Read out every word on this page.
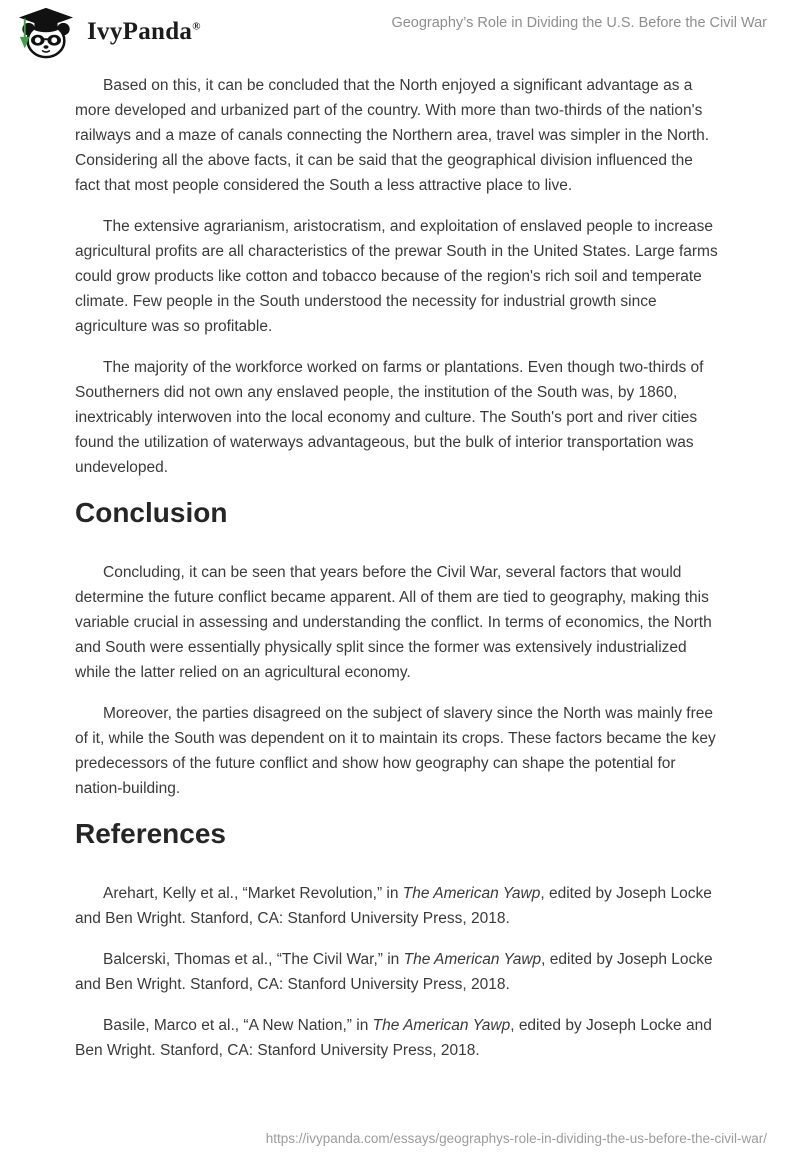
IvyPanda®	Geography’s Role in Dividing the U.S. Before the Civil War

Based on this, it can be concluded that the North enjoyed a significant advantage as a more developed and urbanized part of the country. With more than two-thirds of the nation's railways and a maze of canals connecting the Northern area, travel was simpler in the North. Considering all the above facts, it can be said that the geographical division influenced the fact that most people considered the South a less attractive place to live.

The extensive agrarianism, aristocratism, and exploitation of enslaved people to increase agricultural profits are all characteristics of the prewar South in the United States. Large farms could grow products like cotton and tobacco because of the region's rich soil and temperate climate. Few people in the South understood the necessity for industrial growth since agriculture was so profitable.

The majority of the workforce worked on farms or plantations. Even though two-thirds of Southerners did not own any enslaved people, the institution of the South was, by 1860, inextricably interwoven into the local economy and culture. The South's port and river cities found the utilization of waterways advantageous, but the bulk of interior transportation was undeveloped.

Conclusion

Concluding, it can be seen that years before the Civil War, several factors that would determine the future conflict became apparent. All of them are tied to geography, making this variable crucial in assessing and understanding the conflict. In terms of economics, the North and South were essentially physically split since the former was extensively industrialized while the latter relied on an agricultural economy.

Moreover, the parties disagreed on the subject of slavery since the North was mainly free of it, while the South was dependent on it to maintain its crops. These factors became the key predecessors of the future conflict and show how geography can shape the potential for nation-building.

References

Arehart, Kelly et al., “Market Revolution,” in The American Yawp, edited by Joseph Locke and Ben Wright. Stanford, CA: Stanford University Press, 2018.

Balcerski, Thomas et al., “The Civil War,” in The American Yawp, edited by Joseph Locke and Ben Wright. Stanford, CA: Stanford University Press, 2018.

Basile, Marco et al., “A New Nation,” in The American Yawp, edited by Joseph Locke and Ben Wright. Stanford, CA: Stanford University Press, 2018.

https://ivypanda.com/essays/geographys-role-in-dividing-the-us-before-the-civil-war/
